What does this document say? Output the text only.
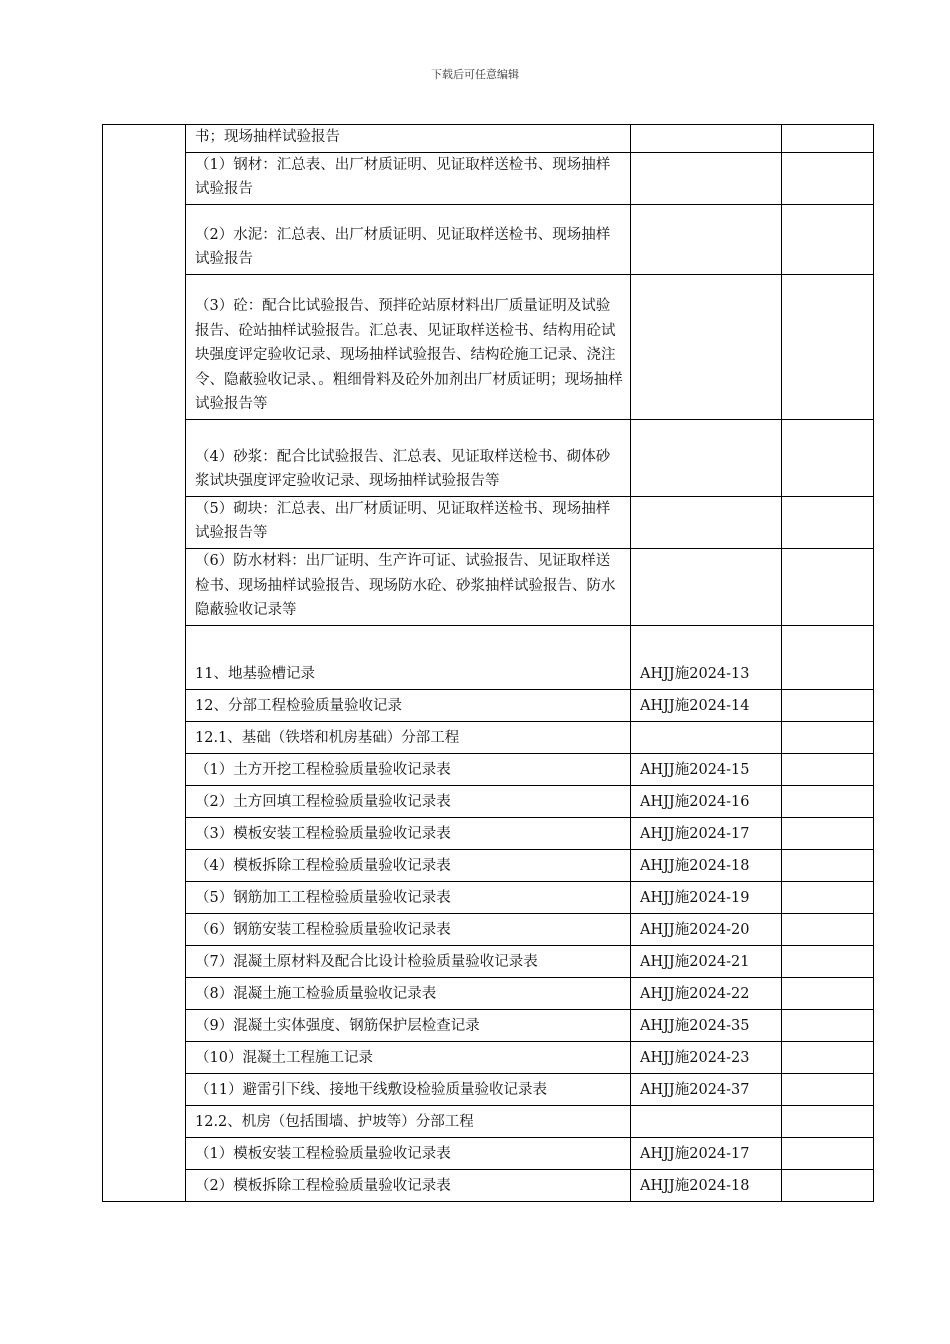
下载后可任意编辑
	书；现场抽样试验报告		
	（1）钢材：汇总表、出厂材质证明、见证取样送检书、现场抽样试验报告		
	（2）水泥：汇总表、出厂材质证明、见证取样送检书、现场抽样试验报告		
	（3）砼：配合比试验报告、预拌砼站原材料出厂质量证明及试验报告、砼站抽样试验报告。汇总表、见证取样送检书、结构用砼试块强度评定验收记录、现场抽样试验报告、结构砼施工记录、浇注令、隐蔽验收记录、。粗细骨料及砼外加剂出厂材质证明；现场抽样试验报告等		
	（4）砂浆：配合比试验报告、汇总表、见证取样送检书、砌体砂浆试块强度评定验收记录、现场抽样试验报告等		
	（5）砌块：汇总表、出厂材质证明、见证取样送检书、现场抽样试验报告等		
	（6）防水材料：出厂证明、生产许可证、试验报告、见证取样送检书、现场抽样试验报告、现场防水砼、砂浆抽样试验报告、防水隐蔽验收记录等		
	11、地基验槽记录	AHJJ施2024-13	
	12、分部工程检验质量验收记录	AHJJ施2024-14	
	12.1、基础（铁塔和机房基础）分部工程		
	（1）土方开挖工程检验质量验收记录表	AHJJ施2024-15	
	（2）土方回填工程检验质量验收记录表	AHJJ施2024-16	
	（3）模板安装工程检验质量验收记录表	AHJJ施2024-17	
	（4）模板拆除工程检验质量验收记录表	AHJJ施2024-18	
	（5）钢筋加工工程检验质量验收记录表	AHJJ施2024-19	
	（6）钢筋安装工程检验质量验收记录表	AHJJ施2024-20	
	（7）混凝土原材料及配合比设计检验质量验收记录表	AHJJ施2024-21	
	（8）混凝土施工检验质量验收记录表	AHJJ施2024-22	
	（9）混凝土实体强度、钢筋保护层检查记录	AHJJ施2024-35	
	（10）混凝土工程施工记录	AHJJ施2024-23	
	（11）避雷引下线、接地干线敷设检验质量验收记录表	AHJJ施2024-37	
	12.2、机房（包括围墙、护坡等）分部工程		
	（1）模板安装工程检验质量验收记录表	AHJJ施2024-17	
	（2）模板拆除工程检验质量验收记录表	AHJJ施2024-18	
